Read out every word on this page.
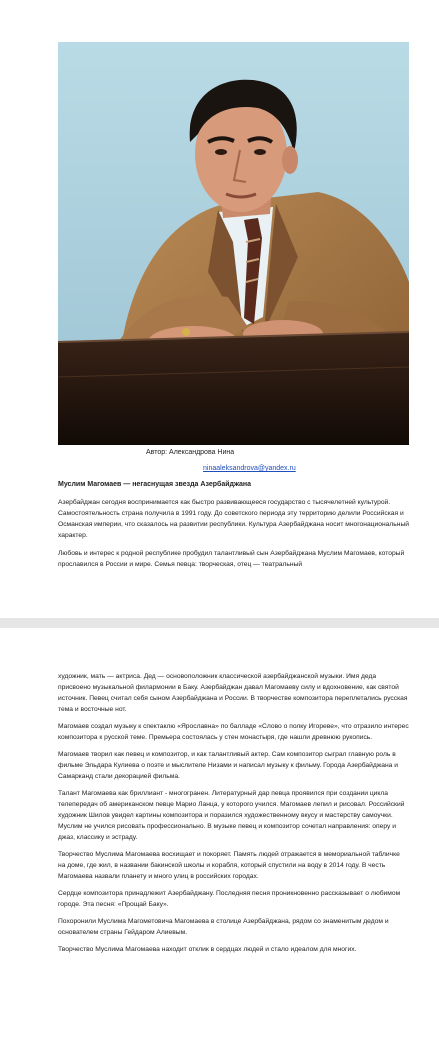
Автор: Александрова Нина

ninaaleksandrova@yandex.ru

Муслим Магомаев — негаснущая звезда Азербайджана

Азербайджан сегодня воспринимается как быстро развивающееся государство с тысячелетней культурой. Самостоятельность страна получила в 1991 году. До советского периода эту территорию делили Российская и Османская империи, что сказалось на развитии республики. Культура Азербайджана носит многонациональный характер.

Любовь и интерес к родной республике пробудил талантливый сын Азербайджана Муслим Магомаев, который прославился в России и мире. Семья певца: творческая, отец — театральный

художник, мать — актриса. Дед — основоположник классической азербайджанской музыки. Имя деда присвоено музыкальной филармонии в Баку. Азербайджан давал Магомаеву силу и вдохновение, как святой источник. Певец считал себя сыном Азербайджана и России. В творчестве композитора переплетались русская тема и восточные нот.

Магомаев создал музыку к спектаклю «Ярославна» по балладе «Слово о полку Игореве», что отразило интерес композитора к русской теме. Премьера состоялась у стен монастыря, где нашли древнюю рукопись.

Магомаев творил как певец и композитор, и как талантливый актер. Сам композитор сыграл главную роль в фильме Эльдара Кулиева о поэте и мыслителе Низами и написал музыку к фильму. Города Азербайджана и Самарканд стали декорацией фильма.

Талант Магомаева как бриллиант - многогранен. Литературный дар певца проявился при создании цикла телепередач об американском певце Марио Ланца, у которого учился. Магомаев лепил и рисовал. Российский художник Шилов увидел картины композитора и поразился художественному вкусу и мастерству самоучки. Муслим не учился рисовать профессионально. В музыке певец и композитор сочетал направления: оперу и джаз, классику и эстраду.

Творчество Муслима Магомаева восхищает и покоряет. Память людей отражается в мемориальной табличке на доме, где жил, в названии бакинской школы и корабля, который спустили на воду в 2014 году. В честь Магомаева назвали планету и много улиц в российских городах.

Сердце композитора принадлежит Азербайджану. Последняя песня проникновенно рассказывает о любимом городе. Эта песня: «Прощай Баку».

Похоронили Муслима Магометовича Магомаева в столице Азербайджана, рядом со знаменитым дедом и основателем страны Гейдаром Алиевым.

Творчество Муслима Магомаева находит отклик в сердцах людей и стало идеалом для многих.
